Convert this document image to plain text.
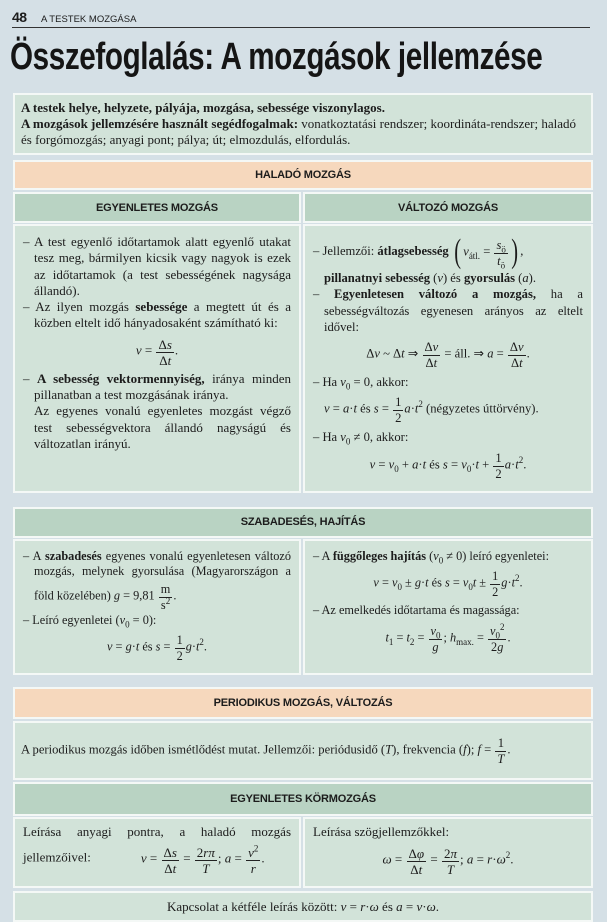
48 A TESTEK MOZGÁSA
Összefoglalás: A mozgások jellemzése
A testek helye, helyzete, pályája, mozgása, sebessége viszonylagos.
A mozgások jellemzésére használt segédfogalmak: vonatkoztatási rendszer; koordináta-rendszer; haladó és forgómozgás; anyagi pont; pálya; út; elmozdulás, elfordulás.
HALADÓ MOZGÁS
EGYENLETES MOZGÁS	VÁLTOZÓ MOZGÁS
– A test egyenlő időtartamok alatt egyenlő utakat tesz meg, bármilyen kicsik vagy nagyok is ezek az időtartamok (a test sebességének nagysága állandó).
– Az ilyen mozgás sebessége a megtett út és a közben eltelt idő hányadosaként számítható ki:
$v = \frac{\Delta s}{\Delta t}$ .
– A sebesség vektormennyiség, iránya minden pillanatban a test mozgásának iránya.
Az egyenes vonalú egyenletes mozgást végző test sebességvektora állandó nagyságú és változatlan irányú.
– Jellemzői: átlagsebesség ( $v_{átl.} = \frac{s_ö}{t_ö}$ ) ,
pillanatnyi sebesség (v) és gyorsulás (a).
– Egyenletesen változó a mozgás, ha a sebességváltozás egyenesen arányos az eltelt idővel:
Δv ~ Δt ⇒ $\frac{\Delta v}{\Delta t}$ = áll. ⇒ $a = \frac{\Delta v}{\Delta t}$ .
– Ha $v_0 = 0$, akkor:
v = a·t és $s = \frac{1}{2} a\cdot t^2$ (négyzetes úttörvény).
– Ha $v_0 \ne 0$, akkor:
$v = v_0 + a\cdot t$ és $s = v_0\cdot t + \frac{1}{2} a\cdot t^2$.
SZABADESÉS, HAJÍTÁS
– A szabadesés egyenes vonalú egyenletesen változó mozgás, melynek gyorsulása (Magyarországon a föld közelében) $g = 9,81 \frac{m}{s^2}$ .
– Leíró egyenletei $(v_0 = 0)$:
v = g·t és $s = \frac{1}{2} g\cdot t^2$.
– A függőleges hajítás $(v_0 \ne 0)$ leíró egyenletei:
$v = v_0 \pm g\cdot t$ és $s = v_0t \pm \frac{1}{2} g\cdot t^2$.
– Az emelkedés időtartama és magassága:
$t_1 = t_2 = \frac{v_0}{g}$ ; $h_{max.} = \frac{v_0^2}{2g}$ .
PERIODIKUS MOZGÁS, VÁLTOZÁS
A periodikus mozgás időben ismétlődést mutat. Jellemzői: periódusidő (T), frekvencia (f); $f = \frac{1}{T}$ .
EGYENLETES KÖRMOZGÁS
Leírása anyagi pontra, a haladó mozgás jellemzőivel:	$v = \frac{\Delta s}{\Delta t} = \frac{2r\pi}{T}$ ; $a = \frac{v^2}{r}$ .
Leírása szögjellemzőkkel:
$\omega = \frac{\Delta\varphi}{\Delta t} = \frac{2\pi}{T}$ ; $a = r\cdot\omega^2$.
Kapcsolat a kétféle leírás között: v = r·ω és a = v·ω.
